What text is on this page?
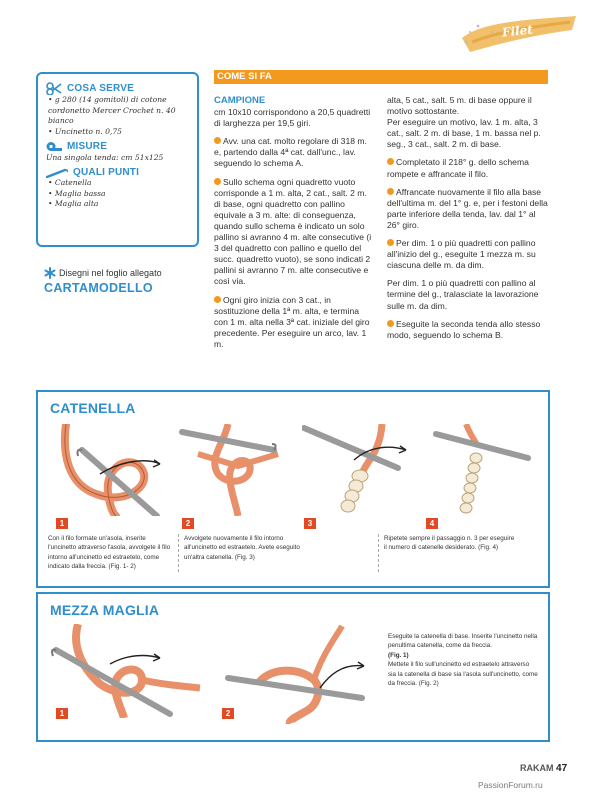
Filet
COSA SERVE
• g 280 (14 gomitoli) di cotone cordonetto Mercer Crochet n. 40 bianco
• Uncinetto n. 0,75
MISURE
Una singola tenda: cm 51x125
QUALI PUNTI
• Catenella
• Maglia bassa
• Maglia alta
Disegni nel foglio allegato
CARTAMODELLO
COME SI FA
CAMPIONE

cm 10x10 corrispondono a 20,5 quadretti di larghezza per 19,5 giri.

Avv. una cat. molto regolare di 318 m. e, partendo dalla 4ª cat. dall'unc., lav. seguendo lo schema A.

Sullo schema ogni quadretto vuoto corrisponde a 1 m. alta, 2 cat., salt. 2 m. di base, ogni quadretto con pallino equivale a 3 m. alte: di conseguenza, quando sullo schema è indicato un solo pallino si avranno 4 m. alte consecutive (i 3 del quadretto con pallino e quello del succ. quadretto vuoto), se sono indicati 2 pallini si avranno 7 m. alte consecutive e così via.

Ogni giro inizia con 3 cat., in sostituzione della 1ª m. alta, e termina con 1 m. alta nella 3ª cat. iniziale del giro precedente. Per eseguire un arco, lav. 1 m.

alta, 5 cat., salt. 5 m. di base oppure il motivo sottostante.

Per eseguire un motivo, lav. 1 m. alta, 3 cat., salt. 2 m. di base, 1 m. bassa nel p. seg., 3 cat., salt. 2 m. di base.

Completato il 218° g. dello schema rompete e affrancate il filo.

Affrancate nuovamente il filo alla base dell'ultima m. del 1° g. e, per i festoni della parte inferiore della tenda, lav. dal 1° al 26° giro.

Per dim. 1 o più quadretti con pallino all'inizio del g., eseguite 1 mezza m. su ciascuna delle m. da dim.

Per dim. 1 o più quadretti con pallino al termine del g., tralasciate la lavorazione sulle m. da dim.

Eseguite la seconda tenda allo stesso modo, seguendo lo schema B.

CATENELLA
1	2	3	4
Con il filo formate un'asola, inserite l'uncinetto attraverso l'asola, avvolgete il filo intorno all'uncinetto ed estraetelo, come indicato dalla freccia. (Fig. 1- 2)
Avvolgete nuovamente il filo intorno all'uncinetto ed estraetelo. Avete eseguito un'altra catenella. (Fig. 3)
Ripetete sempre il passaggio n. 3 per eseguire il numero di catenelle desiderato. (Fig. 4)
MEZZA MAGLIA
1	2
Eseguite la catenella di base. Inserite l'uncinetto nella penultima catenella, come da freccia.
(Fig. 1)
Mettete il filo sull'uncinetto ed estraetelo attraverso sia la catenella di base sia l'asola sull'uncinetto, come da freccia. (Fig. 2)
RAKAM 47
PassionForum.ru
